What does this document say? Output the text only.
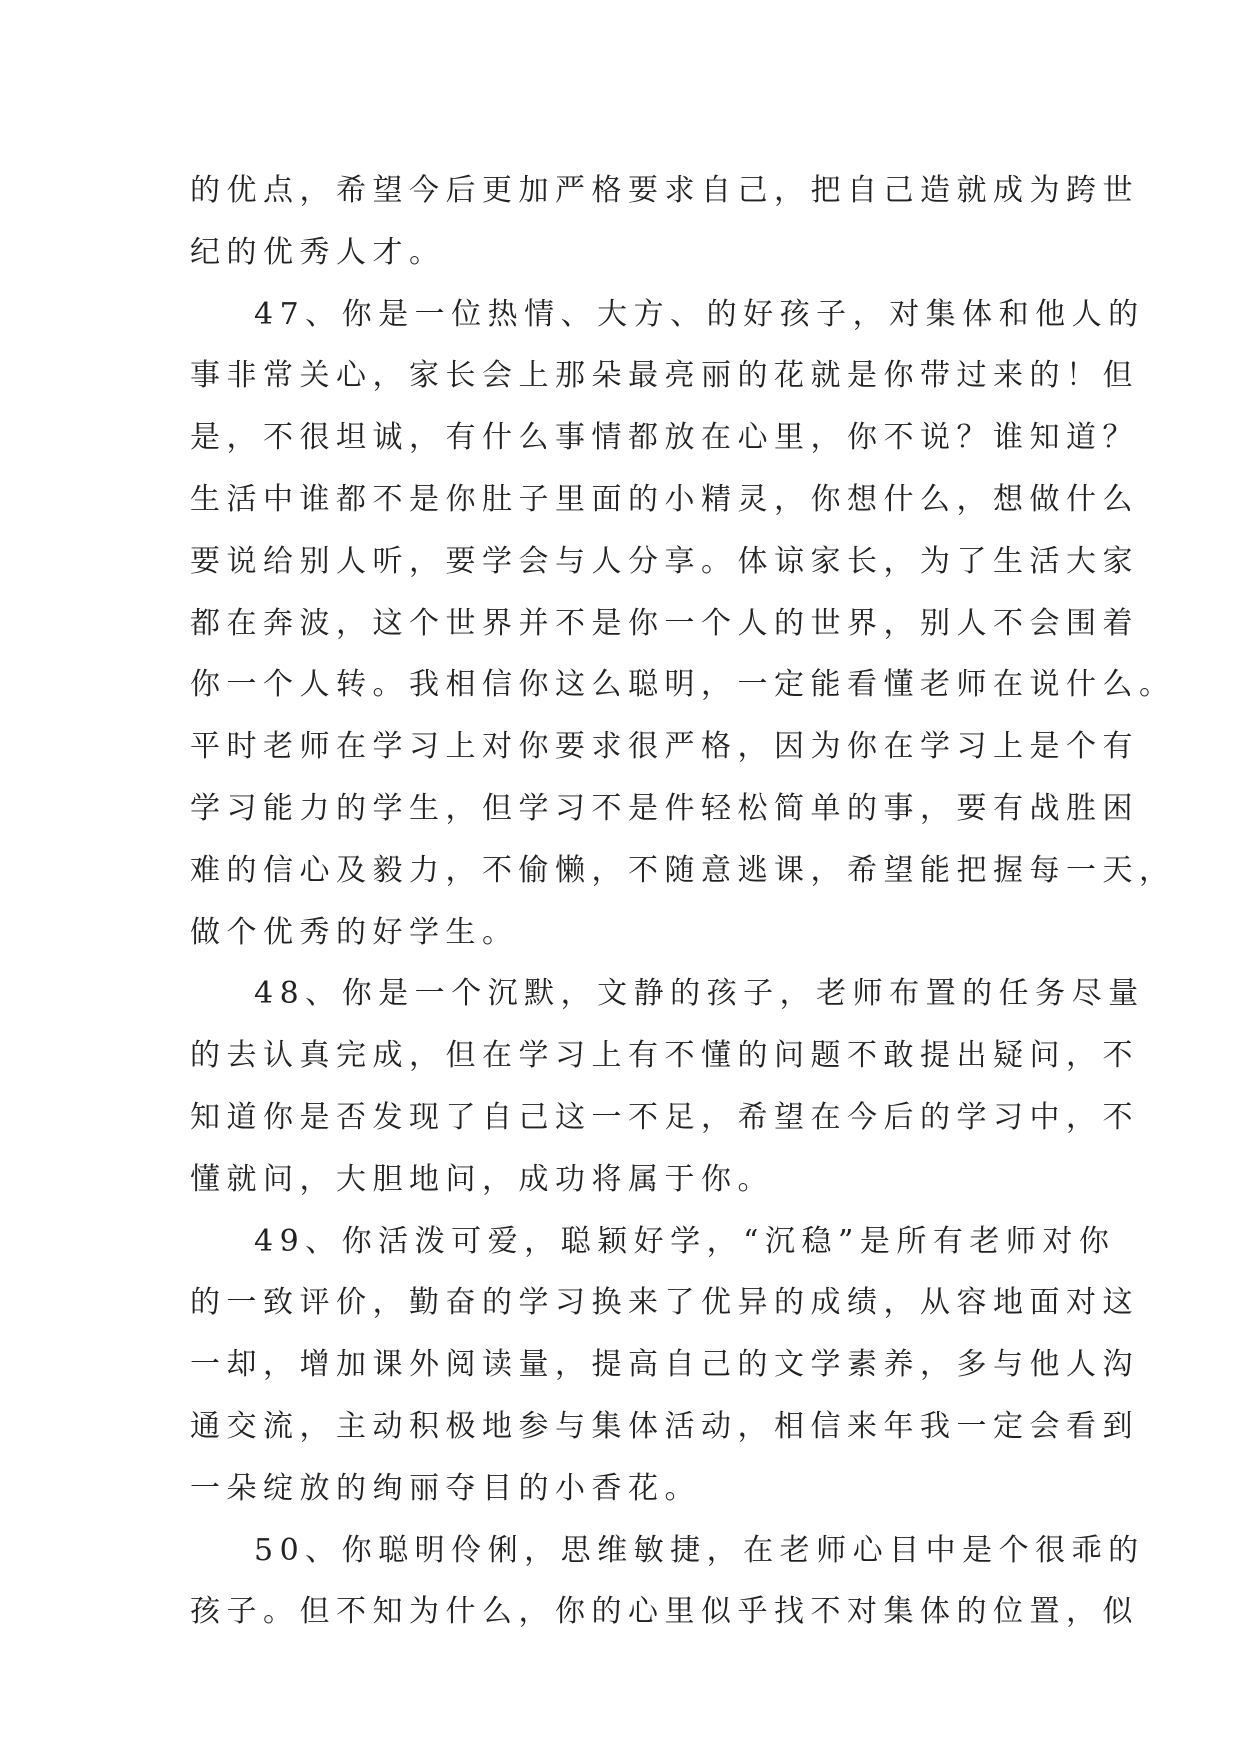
的优点，希望今后更加严格要求自己，把自己造就成为跨世
纪的优秀人才。
47、你是一位热情、大方、的好孩子，对集体和他人的
事非常关心，家长会上那朵最亮丽的花就是你带过来的！但
是，不很坦诚，有什么事情都放在心里，你不说？谁知道？
生活中谁都不是你肚子里面的小精灵，你想什么，想做什么
要说给别人听，要学会与人分享。体谅家长，为了生活大家
都在奔波，这个世界并不是你一个人的世界，别人不会围着
你一个人转。我相信你这么聪明，一定能看懂老师在说什么。
平时老师在学习上对你要求很严格，因为你在学习上是个有
学习能力的学生，但学习不是件轻松简单的事，要有战胜困
难的信心及毅力，不偷懒，不随意逃课，希望能把握每一天，
做个优秀的好学生。
48、你是一个沉默，文静的孩子，老师布置的任务尽量
的去认真完成，但在学习上有不懂的问题不敢提出疑问，不
知道你是否发现了自己这一不足，希望在今后的学习中，不
懂就问，大胆地问，成功将属于你。
49、你活泼可爱，聪颖好学，“沉稳”是所有老师对你
的一致评价，勤奋的学习换来了优异的成绩，从容地面对这
一却，增加课外阅读量，提高自己的文学素养，多与他人沟
通交流，主动积极地参与集体活动，相信来年我一定会看到
一朵绽放的绚丽夺目的小香花。
50、你聪明伶俐，思维敏捷，在老师心目中是个很乖的
孩子。但不知为什么，你的心里似乎找不对集体的位置，似
